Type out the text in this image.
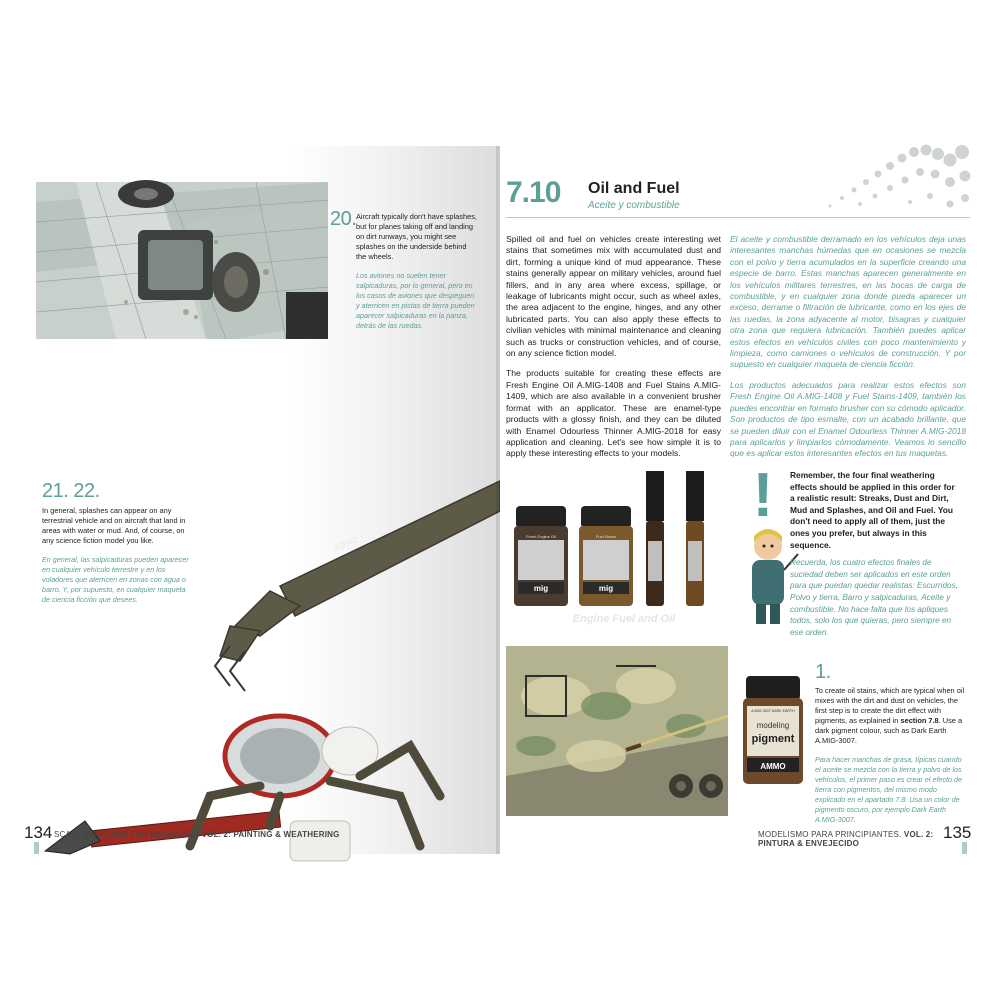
20. Aircraft typically don't have splashes, but for planes taking off and landing on dirt runways, you might see splashes on the underside behind the wheels.

Los aviones no suelen tener salpicaduras, por lo general, pero en los casos de aviones que despeguen y aterricen en pistas de tierra pueden aparecer salpicaduras en la panza, detrás de las ruedas.

33642
21. 22.

In general, splashes can appear on any terrestrial vehicle and on aircraft that land in areas with water or mud. And, of course, on any science fiction model you like.

En general, las salpicaduras pueden aparecer en cualquier vehículo terrestre y en los voladores que aterricen en zonas con agua o barro. Y, por supuesto, en cualquier maqueta de ciencia ficción que desees.

134 SCALE MODELING FOR BEGINNERS VOL. 2: PAINTING & WEATHERING
7.10 Oil and Fuel
Aceite y combustible

Spilled oil and fuel on vehicles create interesting wet stains that sometimes mix with accumulated dust and dirt, forming a unique kind of mud appearance. These stains generally appear on military vehicles, around fuel fillers, and in any area where excess, spillage, or leakage of lubricants might occur, such as wheel axles, the area adjacent to the engine, hinges, and any other lubricated parts. You can also apply these effects to civilian vehicles with minimal maintenance and cleaning such as trucks or construction vehicles, and of course, on any science fiction model.

The products suitable for creating these effects are Fresh Engine Oil A.MIG-1408 and Fuel Stains A.MIG-1409, which are also available in a convenient brusher format with an applicator. These are enamel-type products with a glossy finish, and they can be diluted with Enamel Odourless Thinner A.MIG-2018 for easy application and cleaning. Let's see how simple it is to apply these interesting effects to your models.

El aceite y combustible derramado en los vehículos deja unas interesantes manchas húmedas que en ocasiones se mezcla con el polvo y tierra acumulados en la superficie creando una especie de barro. Estas manchas aparecen generalmente en los vehículos militares terrestres, en las bocas de carga de combustible, y en cualquier zona donde pueda aparecer un exceso, derrame o filtración de lubricante, como en los ejes de las ruedas, la zona adyacente al motor, bisagras y cualquier otra zona que requiera lubricación. También puedes aplicar estos efectos en vehículos civiles con poco mantenimiento y limpieza, como camiones o vehículos de construcción. Y por supuesto en cualquier maqueta de ciencia ficción.

Los productos adecuados para realizar estos efectos son Fresh Engine Oil A.MIG-1408 y Fuel Stains-1409, también los puedes encontrar en formato brusher con su cómodo aplicador. Son productos de tipo esmalte, con un acabado brillante, que se pueden diluir con el Enamel Odourless Thinner A.MIG-2018 para aplicarlos y limpiarlos cómodamente. Veamos lo sencillo que es aplicar estos interesantes efectos en tus maquetas.

mig
Fresh Engine Oil
mig
Fuel Stains
Engine Fuel and Oil
!	Remember, the four final weathering effects should be applied in this order for a realistic result: Streaks, Dust and Dirt, Mud and Splashes, and Oil and Fuel. You don't need to apply all of them, just the ones you prefer, but always in this sequence.

Recuerda, los cuatro efectos finales de suciedad deben ser aplicados en este orden para que puedan quedar realistas: Escurridos, Polvo y tierra, Barro y salpicaduras, Aceite y combustible. No hace falta que los apliques todos, solo los que quieras, pero siempre en ese orden.

A.MIG-3007 DARK EARTH
modeling
pigment
AMMO
1.

To create oil stains, which are typical when oil mixes with the dirt and dust on vehicles, the first step is to create the dirt effect with pigments, as explained in section 7.8. Use a dark pigment colour, such as Dark Earth A.MIG-3007.

Para hacer manchas de grasa, típicas cuando el aceite se mezcla con la tierra y polvo de los vehículos, el primer paso es crear el efecto de tierra con pigmentos, del mismo modo explicado en el apartado 7.8. Usa un color de pigmento oscuro, por ejemplo Dark Earth A.MIG-3007.

MODELISMO PARA PRINCIPIANTES. VOL. 2: PINTURA & ENVEJECIDO
135
